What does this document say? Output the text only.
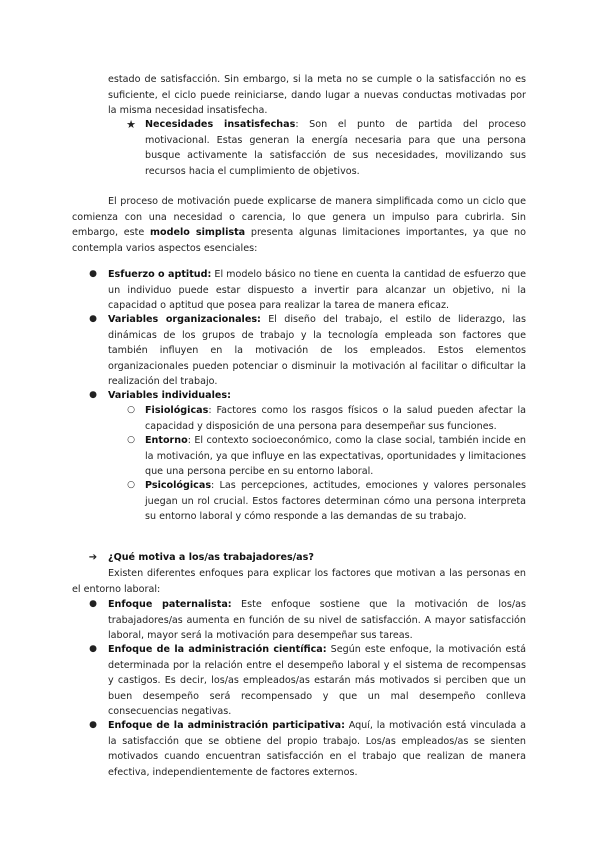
estado de satisfacción. Sin embargo, si la meta no se cumple o la satisfacción no es suficiente, el ciclo puede reiniciarse, dando lugar a nuevas conductas motivadas por la misma necesidad insatisfecha.

★ Necesidades insatisfechas: Son el punto de partida del proceso motivacional. Estas generan la energía necesaria para que una persona busque activamente la satisfacción de sus necesidades, movilizando sus recursos hacia el cumplimiento de objetivos.

El proceso de motivación puede explicarse de manera simplificada como un ciclo que comienza con una necesidad o carencia, lo que genera un impulso para cubrirla. Sin embargo, este modelo simplista presenta algunas limitaciones importantes, ya que no contempla varios aspectos esenciales:

● Esfuerzo o aptitud: El modelo básico no tiene en cuenta la cantidad de esfuerzo que un individuo puede estar dispuesto a invertir para alcanzar un objetivo, ni la capacidad o aptitud que posea para realizar la tarea de manera eficaz.

● Variables organizacionales: El diseño del trabajo, el estilo de liderazgo, las dinámicas de los grupos de trabajo y la tecnología empleada son factores que también influyen en la motivación de los empleados. Estos elementos organizacionales pueden potenciar o disminuir la motivación al facilitar o dificultar la realización del trabajo.

● Variables individuales:

○ Fisiológicas: Factores como los rasgos físicos o la salud pueden afectar la capacidad y disposición de una persona para desempeñar sus funciones.

○ Entorno: El contexto socioeconómico, como la clase social, también incide en la motivación, ya que influye en las expectativas, oportunidades y limitaciones que una persona percibe en su entorno laboral.

○ Psicológicas: Las percepciones, actitudes, emociones y valores personales juegan un rol crucial. Estos factores determinan cómo una persona interpreta su entorno laboral y cómo responde a las demandas de su trabajo.

➔ ¿Qué motiva a los/as trabajadores/as?

Existen diferentes enfoques para explicar los factores que motivan a las personas en el entorno laboral:

● Enfoque paternalista: Este enfoque sostiene que la motivación de los/as trabajadores/as aumenta en función de su nivel de satisfacción. A mayor satisfacción laboral, mayor será la motivación para desempeñar sus tareas.

● Enfoque de la administración científica: Según este enfoque, la motivación está determinada por la relación entre el desempeño laboral y el sistema de recompensas y castigos. Es decir, los/as empleados/as estarán más motivados si perciben que un buen desempeño será recompensado y que un mal desempeño conlleva consecuencias negativas.

● Enfoque de la administración participativa: Aquí, la motivación está vinculada a la satisfacción que se obtiene del propio trabajo. Los/as empleados/as se sienten motivados cuando encuentran satisfacción en el trabajo que realizan de manera efectiva, independientemente de factores externos.
